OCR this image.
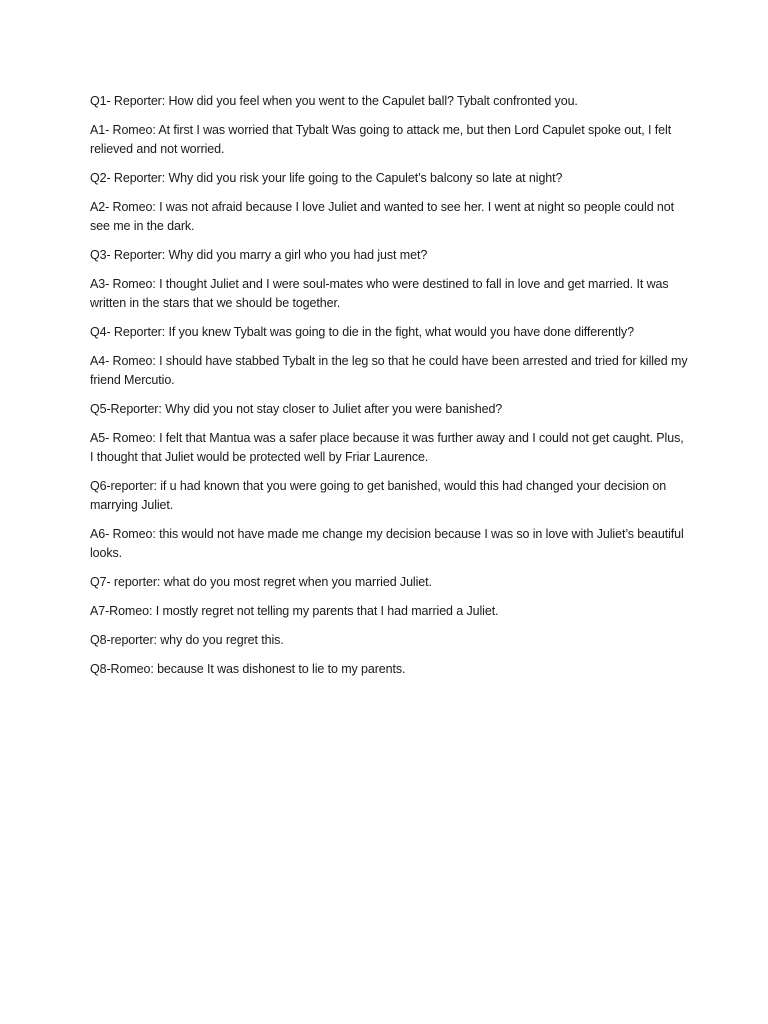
Q1- Reporter: How did you feel when you went to the Capulet ball? Tybalt confronted you.

A1- Romeo: At first I was worried that Tybalt Was going to attack me, but then Lord Capulet spoke out, I felt relieved and not worried.

Q2- Reporter: Why did you risk your life going to the Capulet’s balcony so late at night?

A2- Romeo: I was not afraid because I love Juliet and wanted to see her. I went at night so people could not see me in the dark.

Q3- Reporter: Why did you marry a girl who you had just met?

A3- Romeo: I thought Juliet and I were soul-mates who were destined to fall in love and get married. It was written in the stars that we should be together.

Q4- Reporter: If you knew Tybalt was going to die in the fight, what would you have done differently?

A4- Romeo: I should have stabbed Tybalt in the leg so that he could have been arrested and tried for killed my friend Mercutio.

Q5-Reporter: Why did you not stay closer to Juliet after you were banished?

A5- Romeo: I felt that Mantua was a safer place because it was further away and I could not get caught. Plus, I thought that Juliet would be protected well by Friar Laurence.

Q6-reporter: if u had known that you were going to get banished, would this had changed your decision on marrying Juliet.

A6- Romeo: this would not have made me change my decision because I was so in love with Juliet’s beautiful looks.

Q7- reporter: what do you most regret when you married Juliet.

A7-Romeo: I mostly regret not telling my parents that I had married a Juliet.

Q8-reporter: why do you regret this.

Q8-Romeo: because It was dishonest to lie to my parents.
